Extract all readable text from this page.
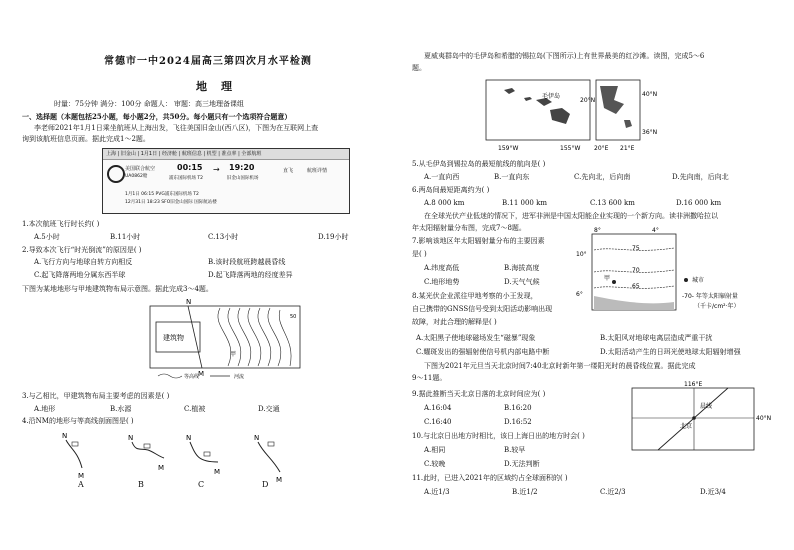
常德市一中2024届高三第四次月水平检测
地理
时量：75分钟 满分：100分 命题人： 审题：高三地理备课组
一、选择题（本题包括25小题，每小题2分，共50分。每小题只有一个选项符合题意）
李老师2021年1月1日乘坐航班从上海出发，飞往美国旧金山(西八区)，下图为在互联网上查
询到该航班信息页面。据此完成1～2题。
上海 | 旧金山 | 1月1日 | 经济舱 | 航班信息 | 机型 | 准点率 | 全部航班
美国联合航空
UA0862舱
00:15 → 19:20
浦东国际机场 T2	旧金山国际机场
直飞	航班详情
1月1日 06:15 PVG浦东国际机场 T2
12月31日 18:23 SFO旧金山国际 国际航站楼
1.本次航班飞行时长约( )
A.5小时	B.11小时	C.13小时	D.19小时
2.导致本次飞行“时光倒流”的原因是( )
A.飞行方向与地球自转方向相反	B.该时段航班跨越晨昏线
C.起飞降落两地分属东西半球	D.起飞降落两地的经度差异
下图为某地地形与甲地建筑物布局示意图。据此完成3～4题。
建筑物
N
M
甲
50
等高线	河流
3.与乙相比，甲建筑物布局主要考虑的因素是( )
A.地形	B.水源	C.植被	D.交通
4.沿NM的地形与等高线剖面图是( )
N
M
N
M
N
M
N
M
A	B	C	D
夏威夷群岛中的毛伊岛和希腊的锡拉岛(下图所示)上有世界最美的红沙滩。读图，完成5～6
题。
毛伊岛
20°N
159°W	155°W
40°N
36°N
20°E 21°E
5.从毛伊岛到锡拉岛的最短航线的航向是( )
A.一直向西	B.一直向东	C.先向北，后向南	D.先向南，后向北
6.两岛间最短距离约为( )
A.8 000 km	B.11 000 km	C.13 600 km	D.16 000 km
在全球光伏产业低迷的情况下，进军非洲是中国太阳能企业实现的一个新方向。读非洲撒哈拉以
年太阳辐射量分布图，完成7～8题。
7.影响该地区年太阳辐射量分布的主要因素
是( )
A.纬度高低	B.海拔高度
C.地形地势	D.天气气候
8°	4°
10°
6°
75
70
65
甲	城市
-70- 年等太阳辐射量
（千卡/cm²·年）
8.某光伏企业派往甲地考察的小王发现，
自己携带的GNSS信号受到太阳活动影响出现
故障，对此合理的解释是( )
A.太阳黑子使地球磁场发生“磁暴”现象	B.太阳风对地球电离层造成严重干扰
C.耀斑发出的强辐射使信号机内部电路中断	D.太阳活动产生的日珥光使地球太阳辐射增强
下图为2021年元旦当天北京时间7:40北京时新年第一缕阳光时的晨昏线位置。据此完成
9～11题。
9.据此推断当天北京日落的北京时间应为( )
A.16:04	B.16:20
C.16:40	D.16:52
10.与北京日出地方时相比，该日上海日出的地方时会( )
A.相同	B.较早
C.较晚	D.无法判断
116°E
晨线
北京
40°N
11.此时，已进入2021年的区域约占全球面积的( )
A.近1/3	B.近1/2	C.近2/3	D.近3/4
